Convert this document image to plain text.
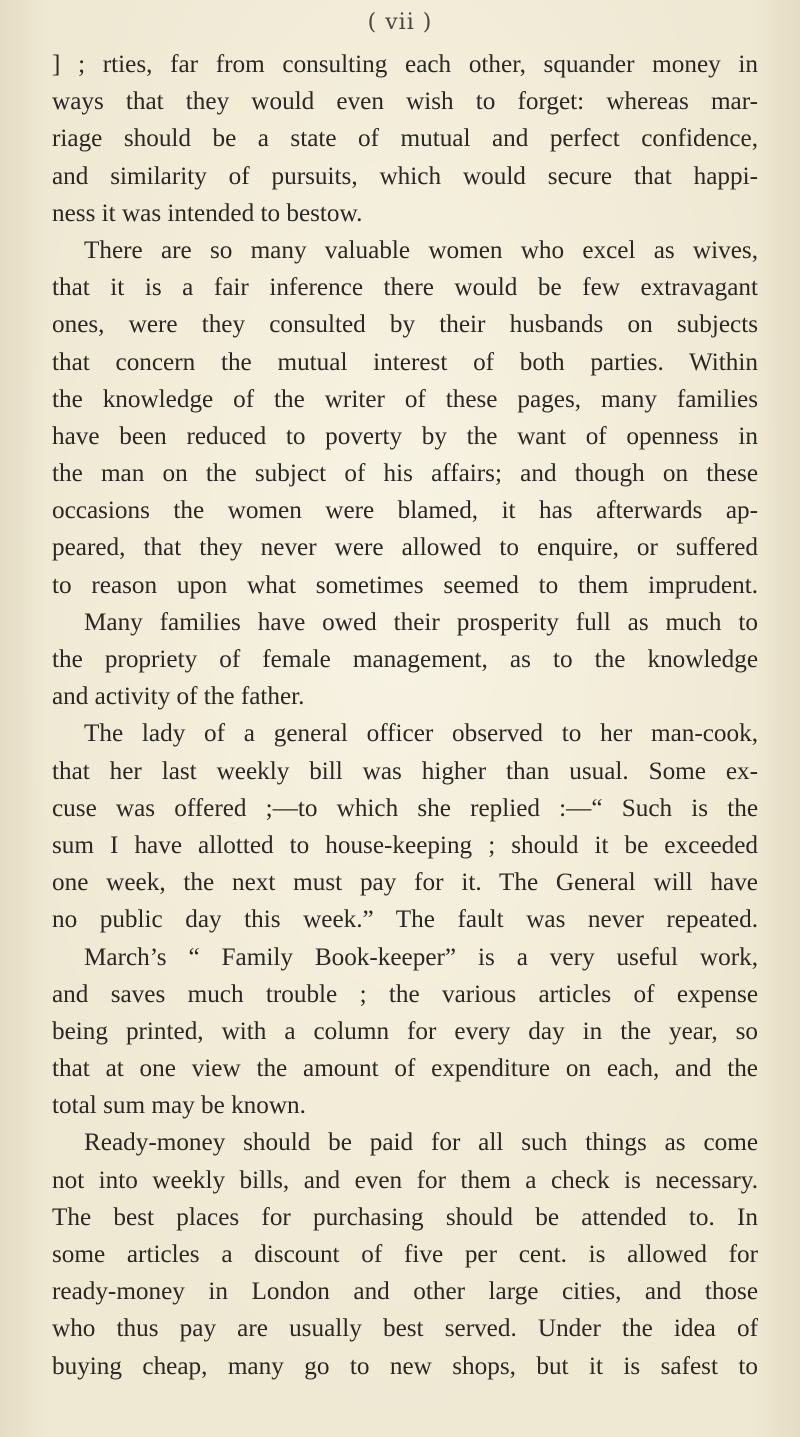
( vii )
] ; rties, far from consulting each other, squander money in
ways that they would even wish to forget: whereas mar-
riage should be a state of mutual and perfect confidence,
and similarity of pursuits, which would secure that happi-
ness it was intended to bestow.
There are so many valuable women who excel as wives,
that it is a fair inference there would be few extravagant
ones, were they consulted by their husbands on subjects
that concern the mutual interest of both parties. Within
the knowledge of the writer of these pages, many families
have been reduced to poverty by the want of openness in
the man on the subject of his affairs; and though on these
occasions the women were blamed, it has afterwards ap-
peared, that they never were allowed to enquire, or suffered
to reason upon what sometimes seemed to them imprudent.
Many families have owed their prosperity full as much to
the propriety of female management, as to the knowledge
and activity of the father.
The lady of a general officer observed to her man-cook,
that her last weekly bill was higher than usual. Some ex-
cuse was offered ;—to which she replied :—“ Such is the
sum I have allotted to house-keeping ; should it be exceeded
one week, the next must pay for it. The General will have
no public day this week.” The fault was never repeated.
March’s “ Family Book-keeper” is a very useful work,
and saves much trouble ; the various articles of expense
being printed, with a column for every day in the year, so
that at one view the amount of expenditure on each, and the
total sum may be known.
Ready-money should be paid for all such things as come
not into weekly bills, and even for them a check is necessary.
The best places for purchasing should be attended to. In
some articles a discount of five per cent. is allowed for
ready-money in London and other large cities, and those
who thus pay are usually best served. Under the idea of
buying cheap, many go to new shops, but it is safest to
